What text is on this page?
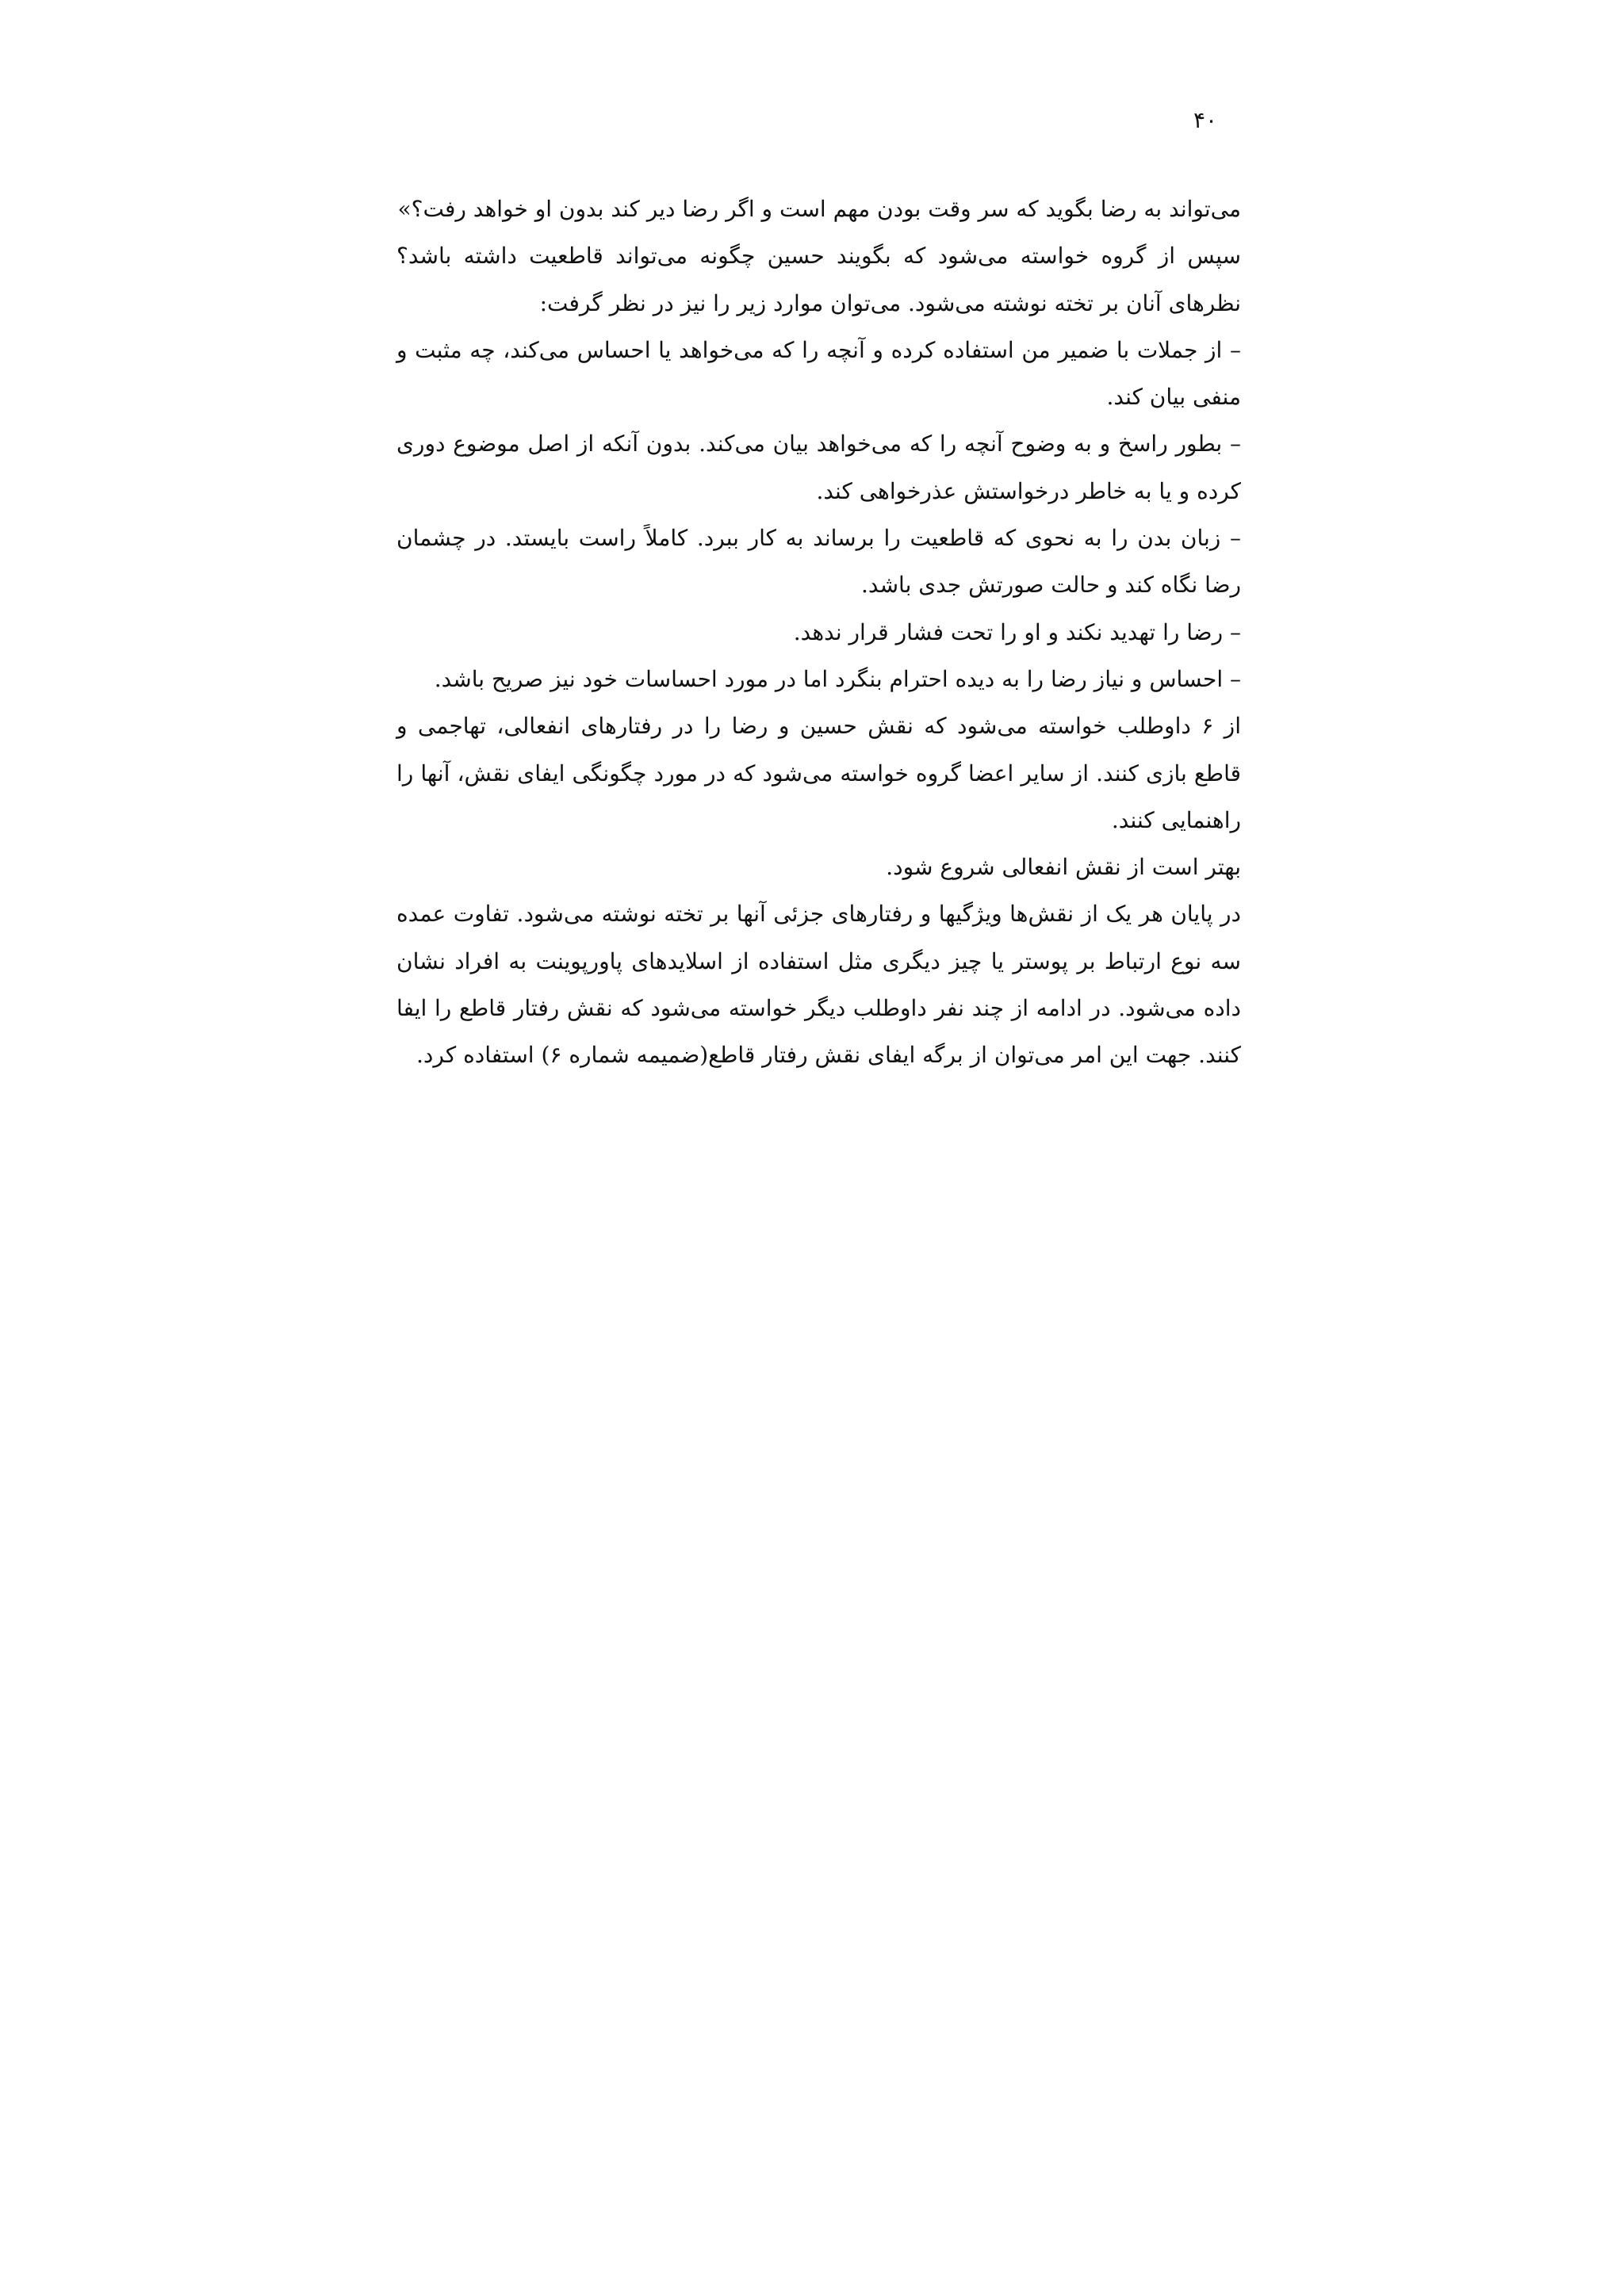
۴۰

می‌تواند به رضا بگوید که سر وقت بودن مهم است و اگر رضا دیر کند بدون او خواهد رفت؟»

سپس از گروه خواسته می‌شود که بگویند حسین چگونه می‌تواند قاطعیت داشته باشد؟ نظرهای آنان بر تخته نوشته می‌شود. می‌توان موارد زیر را نیز در نظر گرفت:

– از جملات با ضمیر من استفاده کرده و آنچه را که می‌خواهد یا احساس می‌کند، چه مثبت و منفی بیان کند.

– بطور راسخ و به وضوح آنچه را که می‌خواهد بیان می‌کند. بدون آنکه از اصل موضوع دوری کرده و یا به خاطر درخواستش عذرخواهی کند.

– زبان بدن را به نحوی که قاطعیت را برساند به کار ببرد. کاملاً راست بایستد. در چشمان رضا نگاه کند و حالت صورتش جدی باشد.

– رضا را تهدید نکند و او را تحت فشار قرار ندهد.

– احساس و نیاز رضا را به دیده احترام بنگرد اما در مورد احساسات خود نیز صریح باشد.

از ۶ داوطلب خواسته می‌شود که نقش حسین و رضا را در رفتارهای انفعالی، تهاجمی و قاطع بازی کنند. از سایر اعضا گروه خواسته می‌شود که در مورد چگونگی ایفای نقش، آنها را راهنمایی کنند.

بهتر است از نقش انفعالی شروع شود.

در پایان هر یک از نقش‌ها ویژگیها و رفتارهای جزئی آنها بر تخته نوشته می‌شود. تفاوت عمده سه نوع ارتباط بر پوستر یا چیز دیگری مثل استفاده از اسلایدهای پاورپوینت به افراد نشان داده می‌شود. در ادامه از چند نفر داوطلب دیگر خواسته می‌شود که نقش رفتار قاطع را ایفا کنند. جهت این امر می‌توان از برگه ایفای نقش رفتار قاطع(ضمیمه شماره ۶) استفاده کرد.
